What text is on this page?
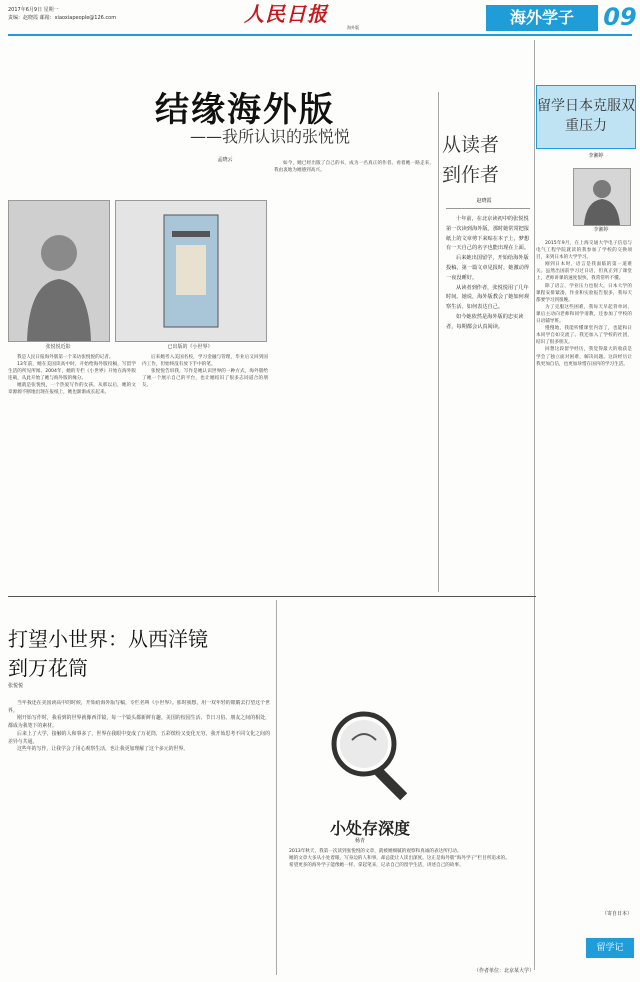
2017年6月9日 星期一
责编：赵晓霞 邮箱：xiaoxiapeople@126.com	人民日报
海外版
海外学子	09
结缘海外版
——我所认识的张悦悦
孟晓云
张悦悦近影	已出版的《小世界》

我是人民日报海外版第一个采访张悦悦的记者。

13年前，她在美国读高中时，开始给海外版投稿，写留学生活的所见所闻。2004年，她的专栏《小世界》开始在海外版连载，从此开始了她与海外版的缘分。

她就是张悦悦，一个热爱写作的女孩。从那以后，她的文章源源不断地出现在报纸上，她也渐渐成长起来。

后来她考入美国名校，学习金融与管理，毕业后又回到国内工作，但始终没有放下手中的笔。

张悦悦告诉我，写作是她认识世界的一种方式，海外版给了她一个展示自己的平台，也让她结识了很多志同道合的朋友。

如今，她已经出版了自己的书，成为一名真正的作者。看着她一路走来，我由衷地为她感到高兴。

从读者到作者
赵晓霞

十年前，在北京读初中的张悦悦第一次读到海外版。那时她常常把报纸上的文章剪下来贴在本子上，梦想有一天自己的名字也能出现在上面。

后来她出国留学，开始给海外版投稿，第一篇文章见报时，她激动得一夜没睡好。

从读者到作者，张悦悦用了几年时间。她说，海外版教会了她如何观察生活、如何表达自己。

如今她依然是海外版的忠实读者，每期都会认真阅读。

留学日本克服双重压力
李湘婷
李湘婷

2015年9月，在上海交通大学电子信息与电气工程学院就读的我参加了学校的交换项目，来到日本的大学学习。

刚到日本时，语言是我面临的第一道难关。虽然出国前学习过日语，但真正到了课堂上，老师讲课的速度很快，我常常听不懂。

除了语言，学业压力也很大。日本大学的课程安排紧凑，作业和实验报告很多，我每天都要学习到很晚。

为了克服这些困难，我每天早起背单词，课后主动向老师和同学请教，还参加了学校的日语辅导班。

慢慢地，我能听懂课堂内容了，也能和日本同学自如交流了。我还加入了学校的社团，结识了很多朋友。

回想这段留学经历，我觉得最大的收获是学会了独立面对困难、解决问题。这段经历让我更加自信，也更加珍惜在国内的学习生活。

（寄自日本）
打望小世界：从西洋镜到万花筒
张悦悦

当年我还在美国读高中的时候，开始给海外版写稿，专栏名叫《小世界》。那时我想，用一双年轻的眼睛去打望这个世界。

刚开始写作时，我看到的世界就像西洋镜，每一个镜头都新鲜有趣。美国的校园生活、节日习俗、朋友之间的相处，都成为我笔下的素材。

后来上了大学，接触的人和事多了，世界在我眼中变成了万花筒，五彩缤纷又变化无穷。我开始思考不同文化之间的差异与共通。

这些年的写作，让我学会了用心观察生活，也让我更加理解了这个多元的世界。

小处存深度
杨青

2013年秋天，我第一次读到张悦悦的文章，就被她细腻的观察和真诚的表达所打动。

她的文章大多从小处着眼，写身边的人和事，却总能让人读出深度。这正是海外版“海外学子”栏目所追求的。

希望更多的海外学子能像她一样，拿起笔来，记录自己的留学生活，讲述自己的故事。

（作者单位：北京某大学）
留学记
